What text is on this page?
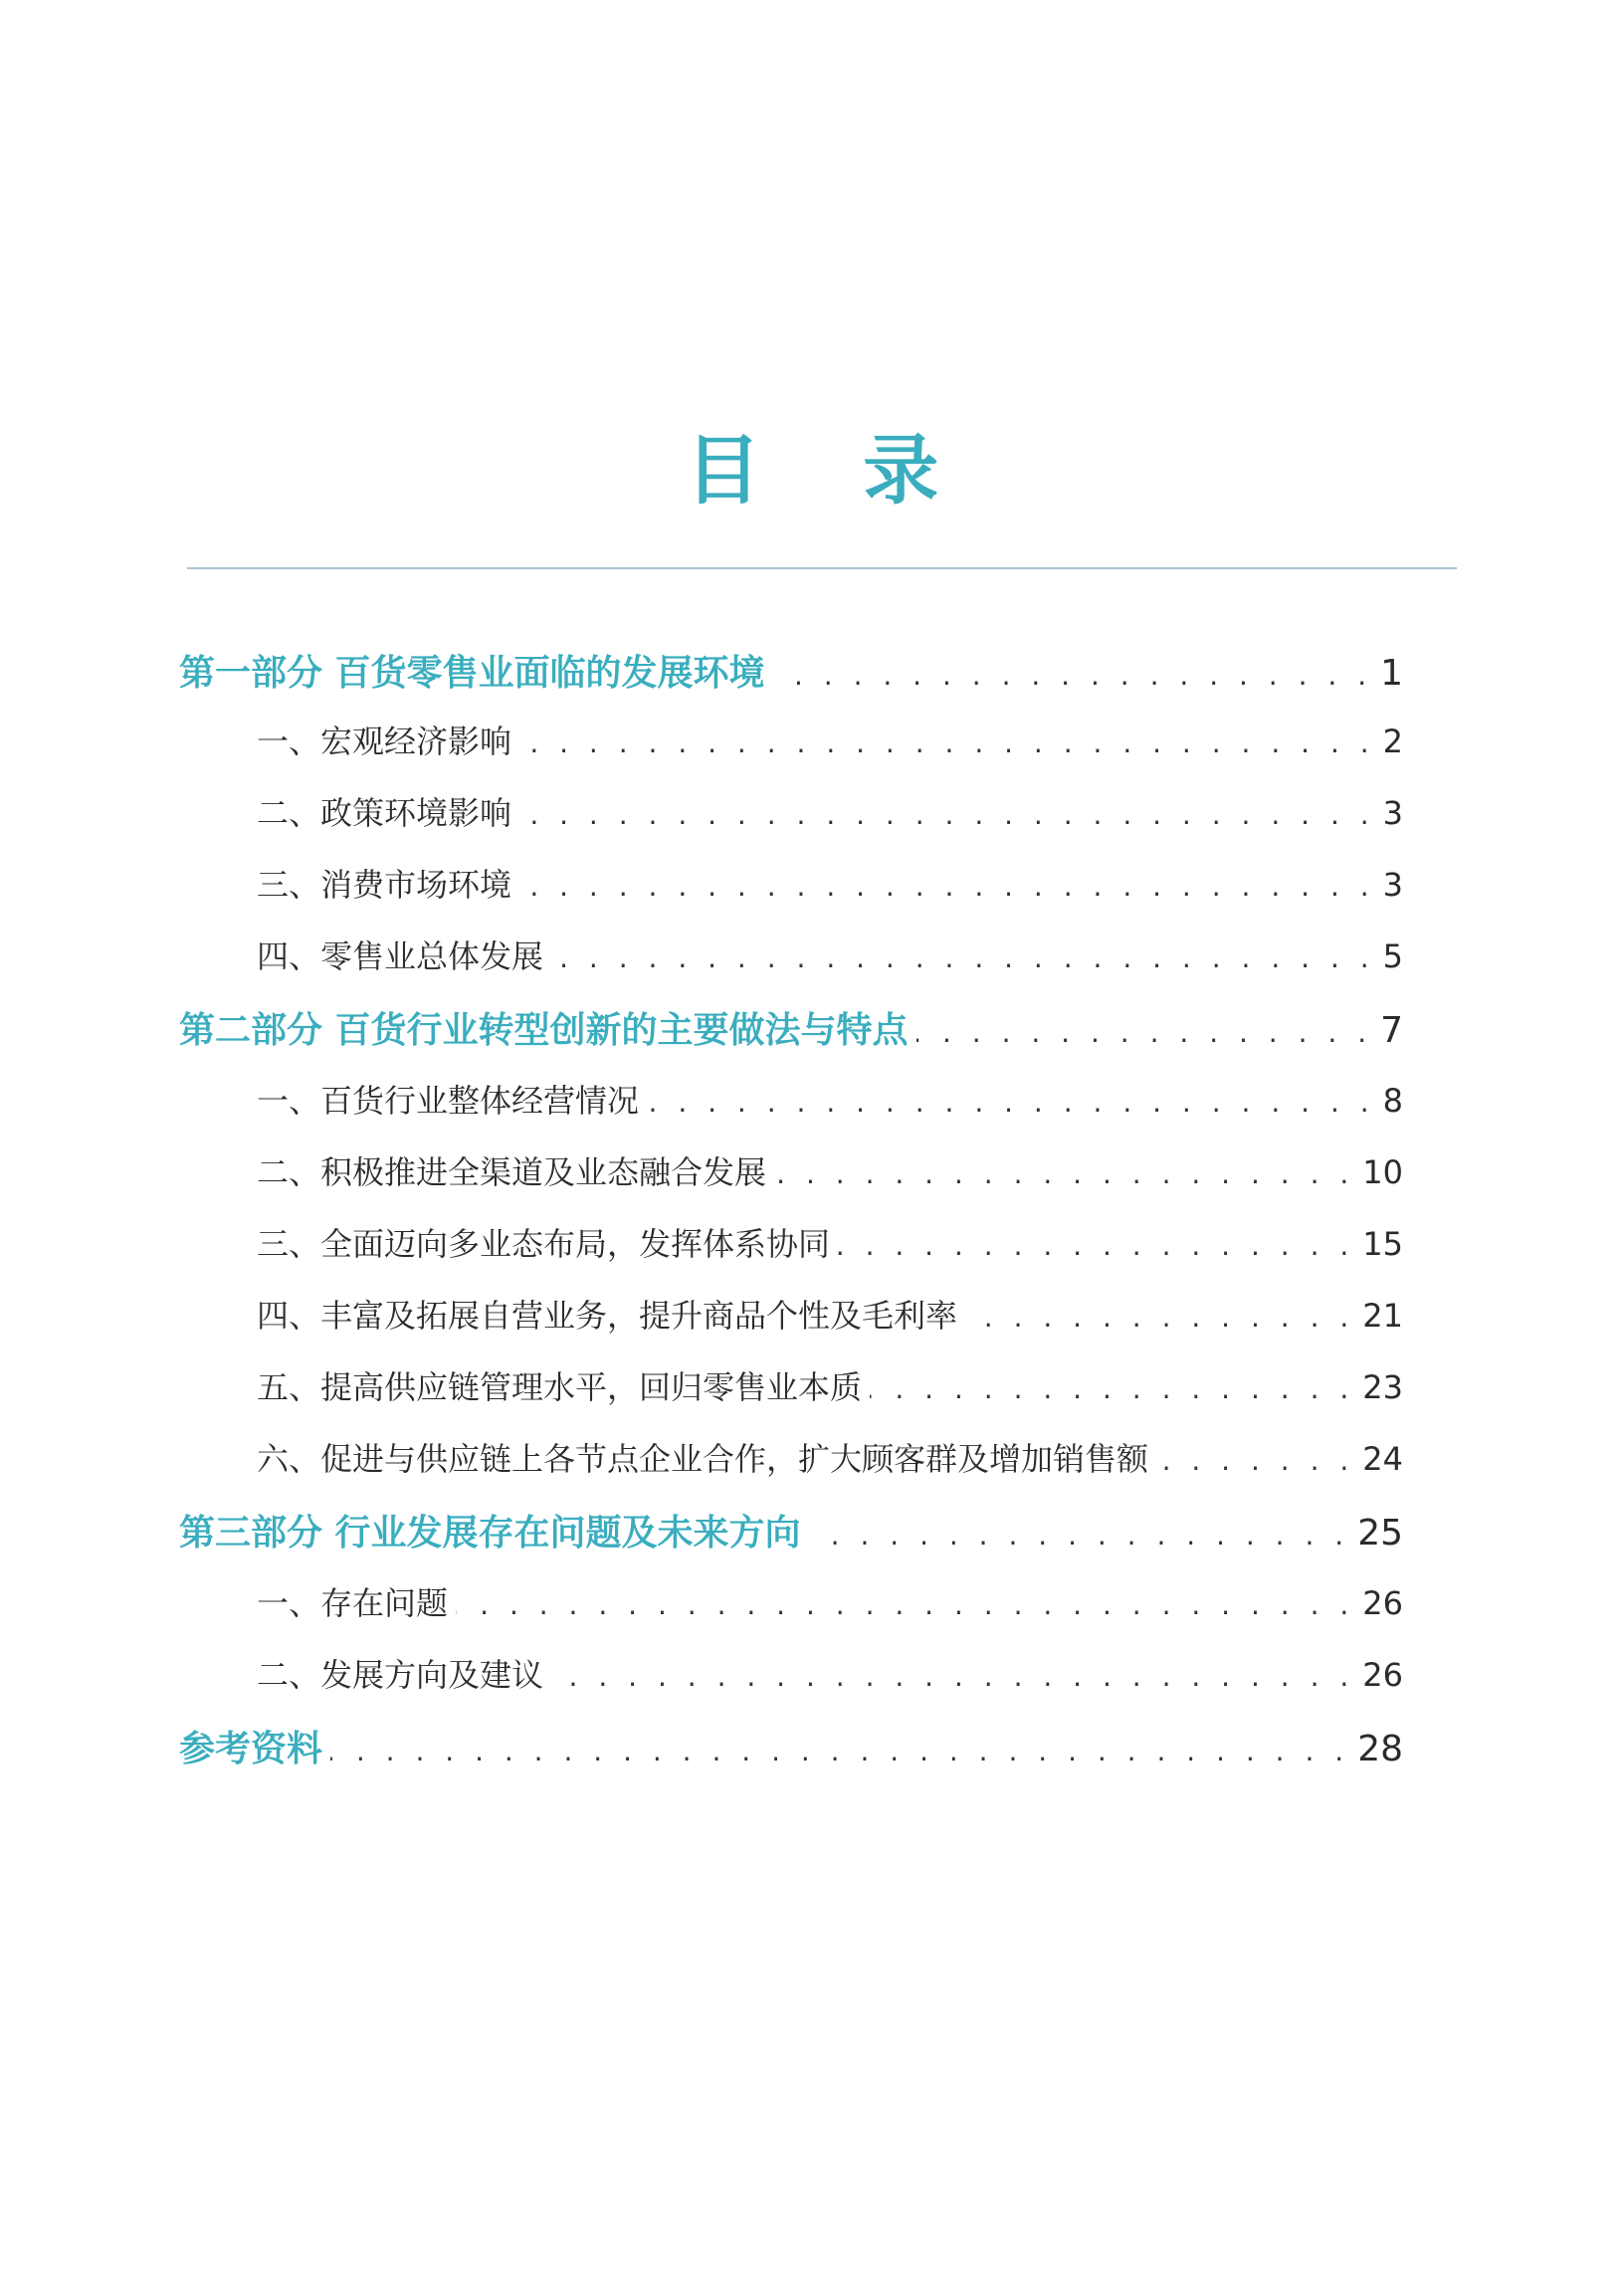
目 录
第一部分 百货零售业面临的发展环境 . . .	1
一、宏观经济影响 . . .	2
二、政策环境影响 . . .	3
三、消费市场环境 . . .	3
四、零售业总体发展 . . .	5
第二部分 百货行业转型创新的主要做法与特点 . . .	7
一、百货行业整体经营情况 . . .	8
二、积极推进全渠道及业态融合发展 . . .	10
三、全面迈向多业态布局，发挥体系协同 . . .	15
四、丰富及拓展自营业务，提升商品个性及毛利率 . . .	21
五、提高供应链管理水平，回归零售业本质 . . .	23
六、促进与供应链上各节点企业合作，扩大顾客群及增加销售额 . . .	24
第三部分 行业发展存在问题及未来方向 . . .	25
一、存在问题 . . .	26
二、发展方向及建议 . . .	26
参考资料 . . .	28
